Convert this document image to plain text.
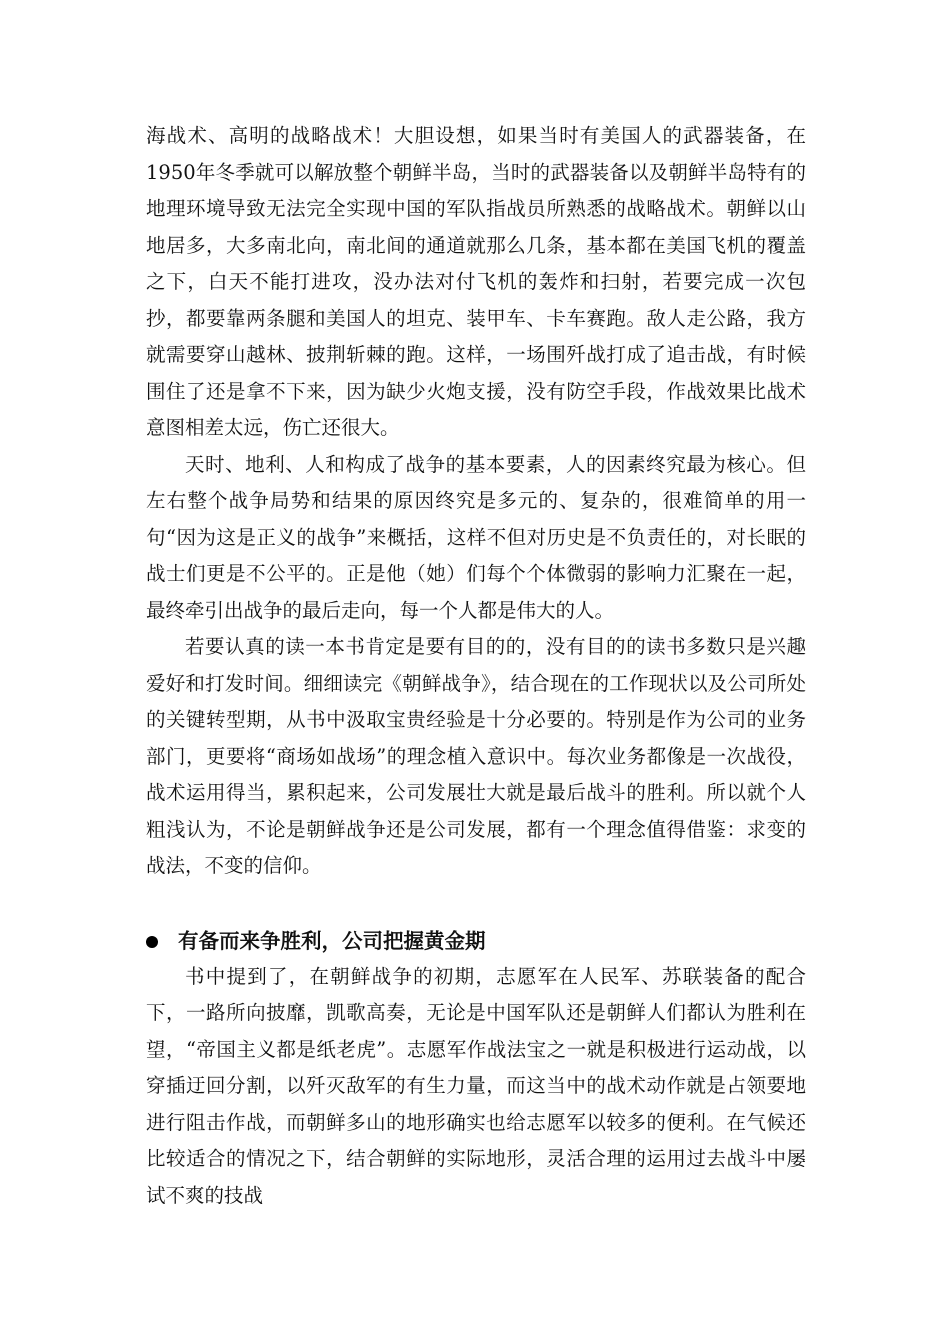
海战术、高明的战略战术！大胆设想，如果当时有美国人的武器装备，在1950年冬季就可以解放整个朝鲜半岛，当时的武器装备以及朝鲜半岛特有的地理环境导致无法完全实现中国的军队指战员所熟悉的战略战术。朝鲜以山地居多，大多南北向，南北间的通道就那么几条，基本都在美国飞机的覆盖之下，白天不能打进攻，没办法对付飞机的轰炸和扫射，若要完成一次包抄，都要靠两条腿和美国人的坦克、装甲车、卡车赛跑。敌人走公路，我方就需要穿山越林、披荆斩棘的跑。这样，一场围歼战打成了追击战，有时候围住了还是拿不下来，因为缺少火炮支援，没有防空手段，作战效果比战术意图相差太远，伤亡还很大。

天时、地利、人和构成了战争的基本要素，人的因素终究最为核心。但左右整个战争局势和结果的原因终究是多元的、复杂的，很难简单的用一句“因为这是正义的战争”来概括，这样不但对历史是不负责任的，对长眠的战士们更是不公平的。正是他（她）们每个个体微弱的影响力汇聚在一起，最终牵引出战争的最后走向，每一个人都是伟大的人。

若要认真的读一本书肯定是要有目的的，没有目的的读书多数只是兴趣爱好和打发时间。细细读完《朝鲜战争》，结合现在的工作现状以及公司所处的关键转型期，从书中汲取宝贵经验是十分必要的。特别是作为公司的业务部门，更要将“商场如战场”的理念植入意识中。每次业务都像是一次战役，战术运用得当，累积起来，公司发展壮大就是最后战斗的胜利。所以就个人粗浅认为，不论是朝鲜战争还是公司发展，都有一个理念值得借鉴：求变的战法，不变的信仰。

有备而来争胜利，公司把握黄金期

书中提到了，在朝鲜战争的初期，志愿军在人民军、苏联装备的配合下，一路所向披靡，凯歌高奏，无论是中国军队还是朝鲜人们都认为胜利在望，“帝国主义都是纸老虎”。志愿军作战法宝之一就是积极进行运动战，以穿插迂回分割，以歼灭敌军的有生力量，而这当中的战术动作就是占领要地进行阻击作战，而朝鲜多山的地形确实也给志愿军以较多的便利。在气候还比较适合的情况之下，结合朝鲜的实际地形，灵活合理的运用过去战斗中屡试不爽的技战
